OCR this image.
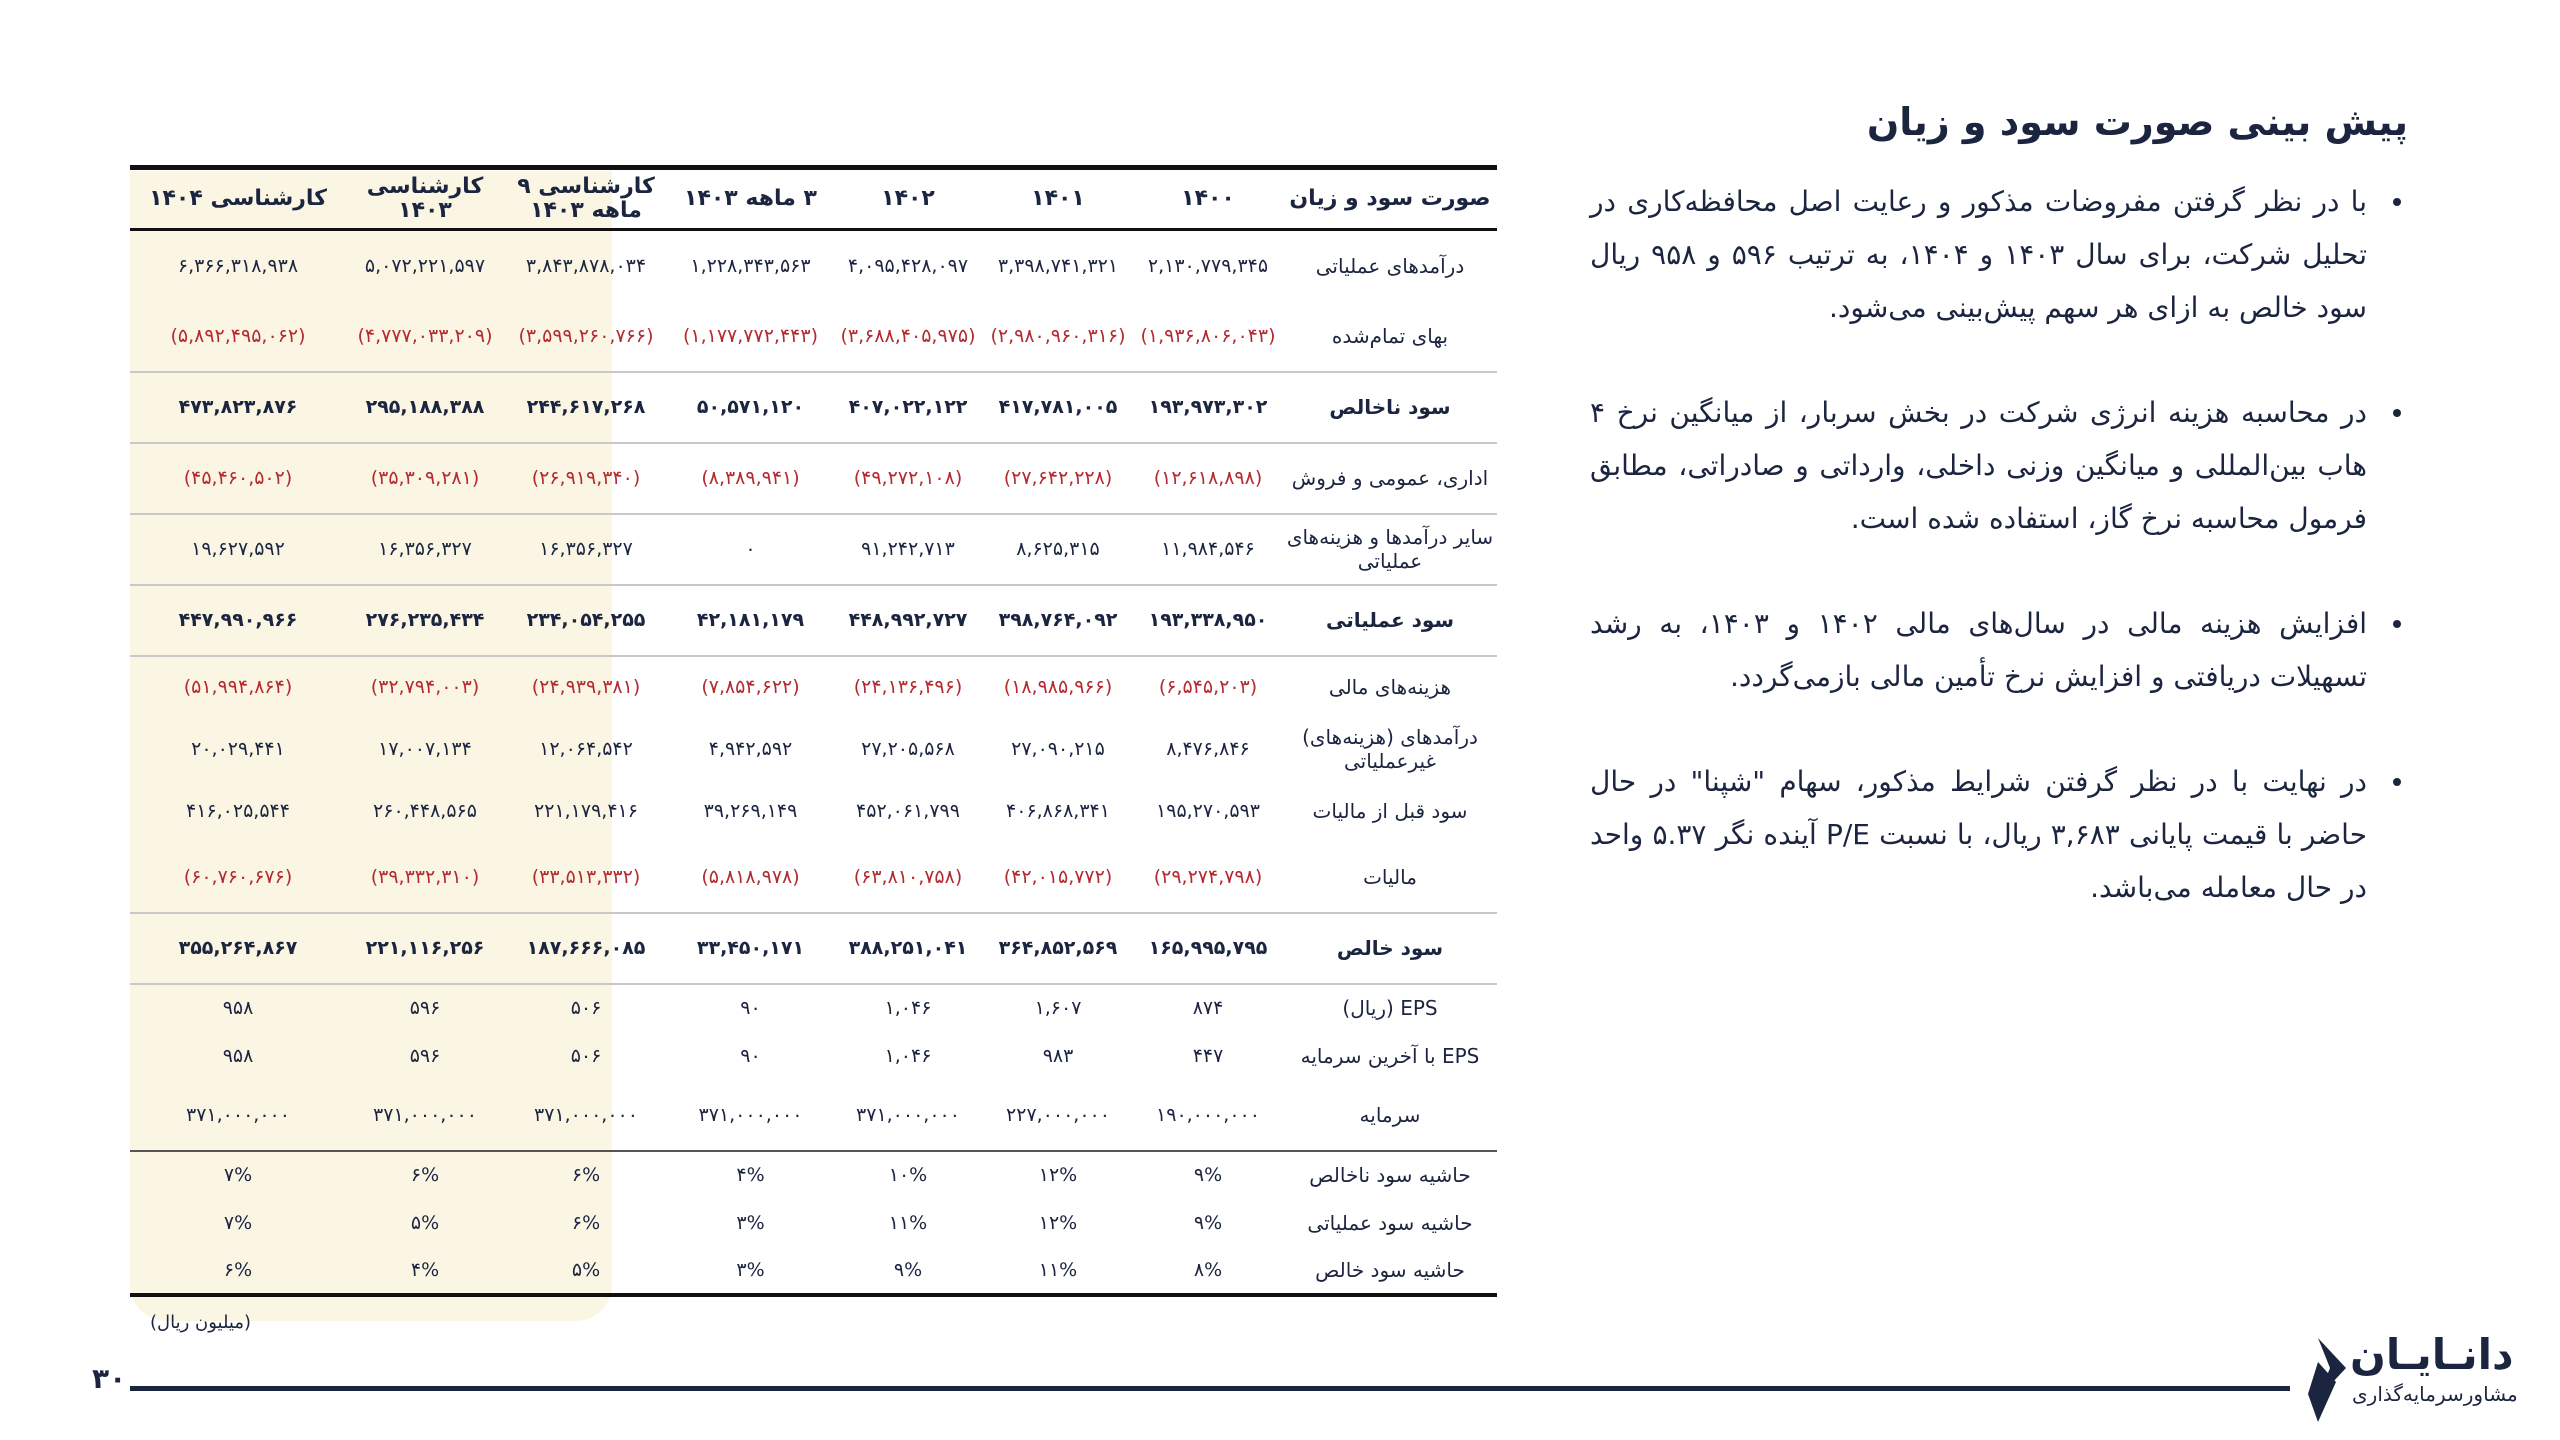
پیش بینی صورت سود و زیان

با در نظر گرفتن مفروضات مذکور و رعایت اصل محافظه‌کاری در تحلیل شرکت، برای سال ۱۴۰۳ و ۱۴۰۴، به ترتیب ۵۹۶ و ۹۵۸ ریال سود خالص به ازای هر سهم پیش‌بینی می‌شود.

در محاسبه هزینه انرژی شرکت در بخش سربار، از میانگین نرخ ۴ هاب بین‌المللی و میانگین وزنی داخلی، وارداتی و صادراتی، مطابق فرمول محاسبه نرخ گاز، استفاده شده است.

افزایش هزینه مالی در سال‌های مالی ۱۴۰۲ و ۱۴۰۳، به رشد تسهیلات دریافتی و افزایش نرخ تأمین مالی بازمی‌گردد.

در نهایت با در نظر گرفتن شرایط مذکور، سهام "شپنا" در حال حاضر با قیمت پایانی ۳,۶۸۳ ریال، با نسبت P/E آینده نگر ۵.۳۷ واحد در حال معامله می‌باشد.

صورت سود و زیان	۱۴۰۰	۱۴۰۱	۱۴۰۲	۳ ماهه ۱۴۰۳	کارشناسی ۹ ماهه ۱۴۰۳	کارشناسی ۱۴۰۳	کارشناسی ۱۴۰۴
درآمدهای عملیاتی	۲,۱۳۰,۷۷۹,۳۴۵	۳,۳۹۸,۷۴۱,۳۲۱	۴,۰۹۵,۴۲۸,۰۹۷	۱,۲۲۸,۳۴۳,۵۶۳	۳,۸۴۳,۸۷۸,۰۳۴	۵,۰۷۲,۲۲۱,۵۹۷	۶,۳۶۶,۳۱۸,۹۳۸
بهای تمام‌شده	(۱,۹۳۶,۸۰۶,۰۴۳)	(۲,۹۸۰,۹۶۰,۳۱۶)	(۳,۶۸۸,۴۰۵,۹۷۵)	(۱,۱۷۷,۷۷۲,۴۴۳)	(۳,۵۹۹,۲۶۰,۷۶۶)	(۴,۷۷۷,۰۳۳,۲۰۹)	(۵,۸۹۲,۴۹۵,۰۶۲)
سود ناخالص	۱۹۳,۹۷۳,۳۰۲	۴۱۷,۷۸۱,۰۰۵	۴۰۷,۰۲۲,۱۲۲	۵۰,۵۷۱,۱۲۰	۲۴۴,۶۱۷,۲۶۸	۲۹۵,۱۸۸,۳۸۸	۴۷۳,۸۲۳,۸۷۶
اداری، عمومی و فروش	(۱۲,۶۱۸,۸۹۸)	(۲۷,۶۴۲,۲۲۸)	(۴۹,۲۷۲,۱۰۸)	(۸,۳۸۹,۹۴۱)	(۲۶,۹۱۹,۳۴۰)	(۳۵,۳۰۹,۲۸۱)	(۴۵,۴۶۰,۵۰۲)
سایر درآمدها و هزینه‌های عملیاتی	۱۱,۹۸۴,۵۴۶	۸,۶۲۵,۳۱۵	۹۱,۲۴۲,۷۱۳	۰	۱۶,۳۵۶,۳۲۷	۱۶,۳۵۶,۳۲۷	۱۹,۶۲۷,۵۹۲
سود عملیاتی	۱۹۳,۳۳۸,۹۵۰	۳۹۸,۷۶۴,۰۹۲	۴۴۸,۹۹۲,۷۲۷	۴۲,۱۸۱,۱۷۹	۲۳۴,۰۵۴,۲۵۵	۲۷۶,۲۳۵,۴۳۴	۴۴۷,۹۹۰,۹۶۶
هزینه‌های مالی	(۶,۵۴۵,۲۰۳)	(۱۸,۹۸۵,۹۶۶)	(۲۴,۱۳۶,۴۹۶)	(۷,۸۵۴,۶۲۲)	(۲۴,۹۳۹,۳۸۱)	(۳۲,۷۹۴,۰۰۳)	(۵۱,۹۹۴,۸۶۴)
درآمدهای (هزینه‌های) غیرعملیاتی	۸,۴۷۶,۸۴۶	۲۷,۰۹۰,۲۱۵	۲۷,۲۰۵,۵۶۸	۴,۹۴۲,۵۹۲	۱۲,۰۶۴,۵۴۲	۱۷,۰۰۷,۱۳۴	۲۰,۰۲۹,۴۴۱
سود قبل از مالیات	۱۹۵,۲۷۰,۵۹۳	۴۰۶,۸۶۸,۳۴۱	۴۵۲,۰۶۱,۷۹۹	۳۹,۲۶۹,۱۴۹	۲۲۱,۱۷۹,۴۱۶	۲۶۰,۴۴۸,۵۶۵	۴۱۶,۰۲۵,۵۴۴
مالیات	(۲۹,۲۷۴,۷۹۸)	(۴۲,۰۱۵,۷۷۲)	(۶۳,۸۱۰,۷۵۸)	(۵,۸۱۸,۹۷۸)	(۳۳,۵۱۳,۳۳۲)	(۳۹,۳۳۲,۳۱۰)	(۶۰,۷۶۰,۶۷۶)
سود خالص	۱۶۵,۹۹۵,۷۹۵	۳۶۴,۸۵۲,۵۶۹	۳۸۸,۲۵۱,۰۴۱	۳۳,۴۵۰,۱۷۱	۱۸۷,۶۶۶,۰۸۵	۲۲۱,۱۱۶,۲۵۶	۳۵۵,۲۶۴,۸۶۷
EPS (ریال)	۸۷۴	۱,۶۰۷	۱,۰۴۶	۹۰	۵۰۶	۵۹۶	۹۵۸
EPS با آخرین سرمایه	۴۴۷	۹۸۳	۱,۰۴۶	۹۰	۵۰۶	۵۹۶	۹۵۸
سرمایه	۱۹۰,۰۰۰,۰۰۰	۲۲۷,۰۰۰,۰۰۰	۳۷۱,۰۰۰,۰۰۰	۳۷۱,۰۰۰,۰۰۰	۳۷۱,۰۰۰,۰۰۰	۳۷۱,۰۰۰,۰۰۰	۳۷۱,۰۰۰,۰۰۰
حاشیه سود ناخالص	۹%	۱۲%	۱۰%	۴%	۶%	۶%	۷%
حاشیه سود عملیاتی	۹%	۱۲%	۱۱%	۳%	۶%	۵%	۷%
حاشیه سود خالص	۸%	۱۱%	۹%	۳%	۵%	۴%	۶%
(میلیون ریال)
۳۰	دانـایـان
مشاورسرمایه‌گذاری
